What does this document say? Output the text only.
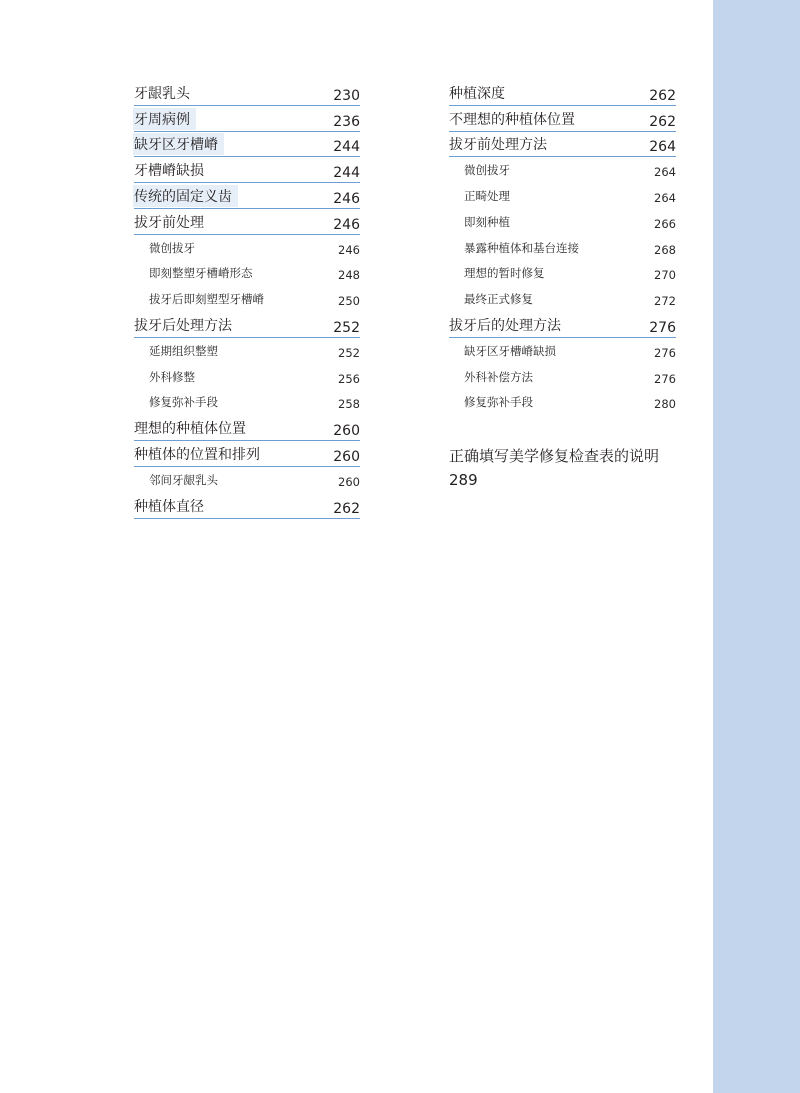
牙龈乳头	230
牙周病例	236
缺牙区牙槽嵴	244
牙槽嵴缺损	244
传统的固定义齿	246
拔牙前处理	246
微创拔牙	246
即刻整塑牙槽嵴形态	248
拔牙后即刻塑型牙槽嵴	250
拔牙后处理方法	252
延期组织整塑	252
外科修整	256
修复弥补手段	258
理想的种植体位置	260
种植体的位置和排列	260
邻间牙龈乳头	260
种植体直径	262
种植深度	262
不理想的种植体位置	262
拔牙前处理方法	264
微创拔牙	264
正畸处理	264
即刻种植	266
暴露种植体和基台连接	268
理想的暂时修复	270
最终正式修复	272
拔牙后的处理方法	276
缺牙区牙槽嵴缺损	276
外科补偿方法	276
修复弥补手段	280
正确填写美学修复检查表的说明
289
